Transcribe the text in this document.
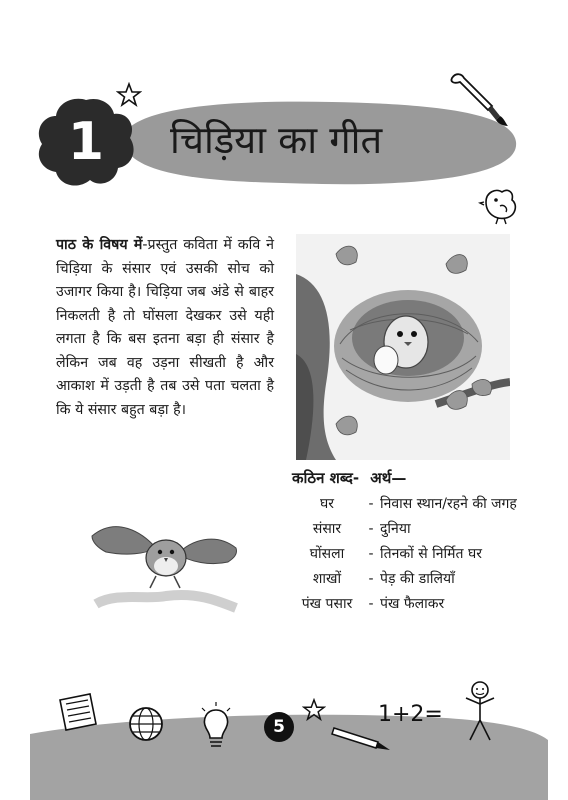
1	चिड़िया का गीत
पाठ के विषय में-प्रस्तुत कविता में कवि ने चिड़िया के संसार एवं उसकी सोच को उजागर किया है। चिड़िया जब अंडे से बाहर निकलती है तो घोंसला देखकर उसे यही लगता है कि बस इतना बड़ा ही संसार है लेकिन जब वह उड़ना सीखती है और आकाश में उड़ती है तब उसे पता चलता है कि ये संसार बहुत बड़ा है।
कठिन शब्द- अर्थ—
घर	- निवास स्थान/रहने की जगह
संसार	- दुनिया
घोंसला	- तिनकों से निर्मित घर
शाखों	- पेड़ की डालियाँ
पंख पसार	- पंख फैलाकर
5	1+2=
